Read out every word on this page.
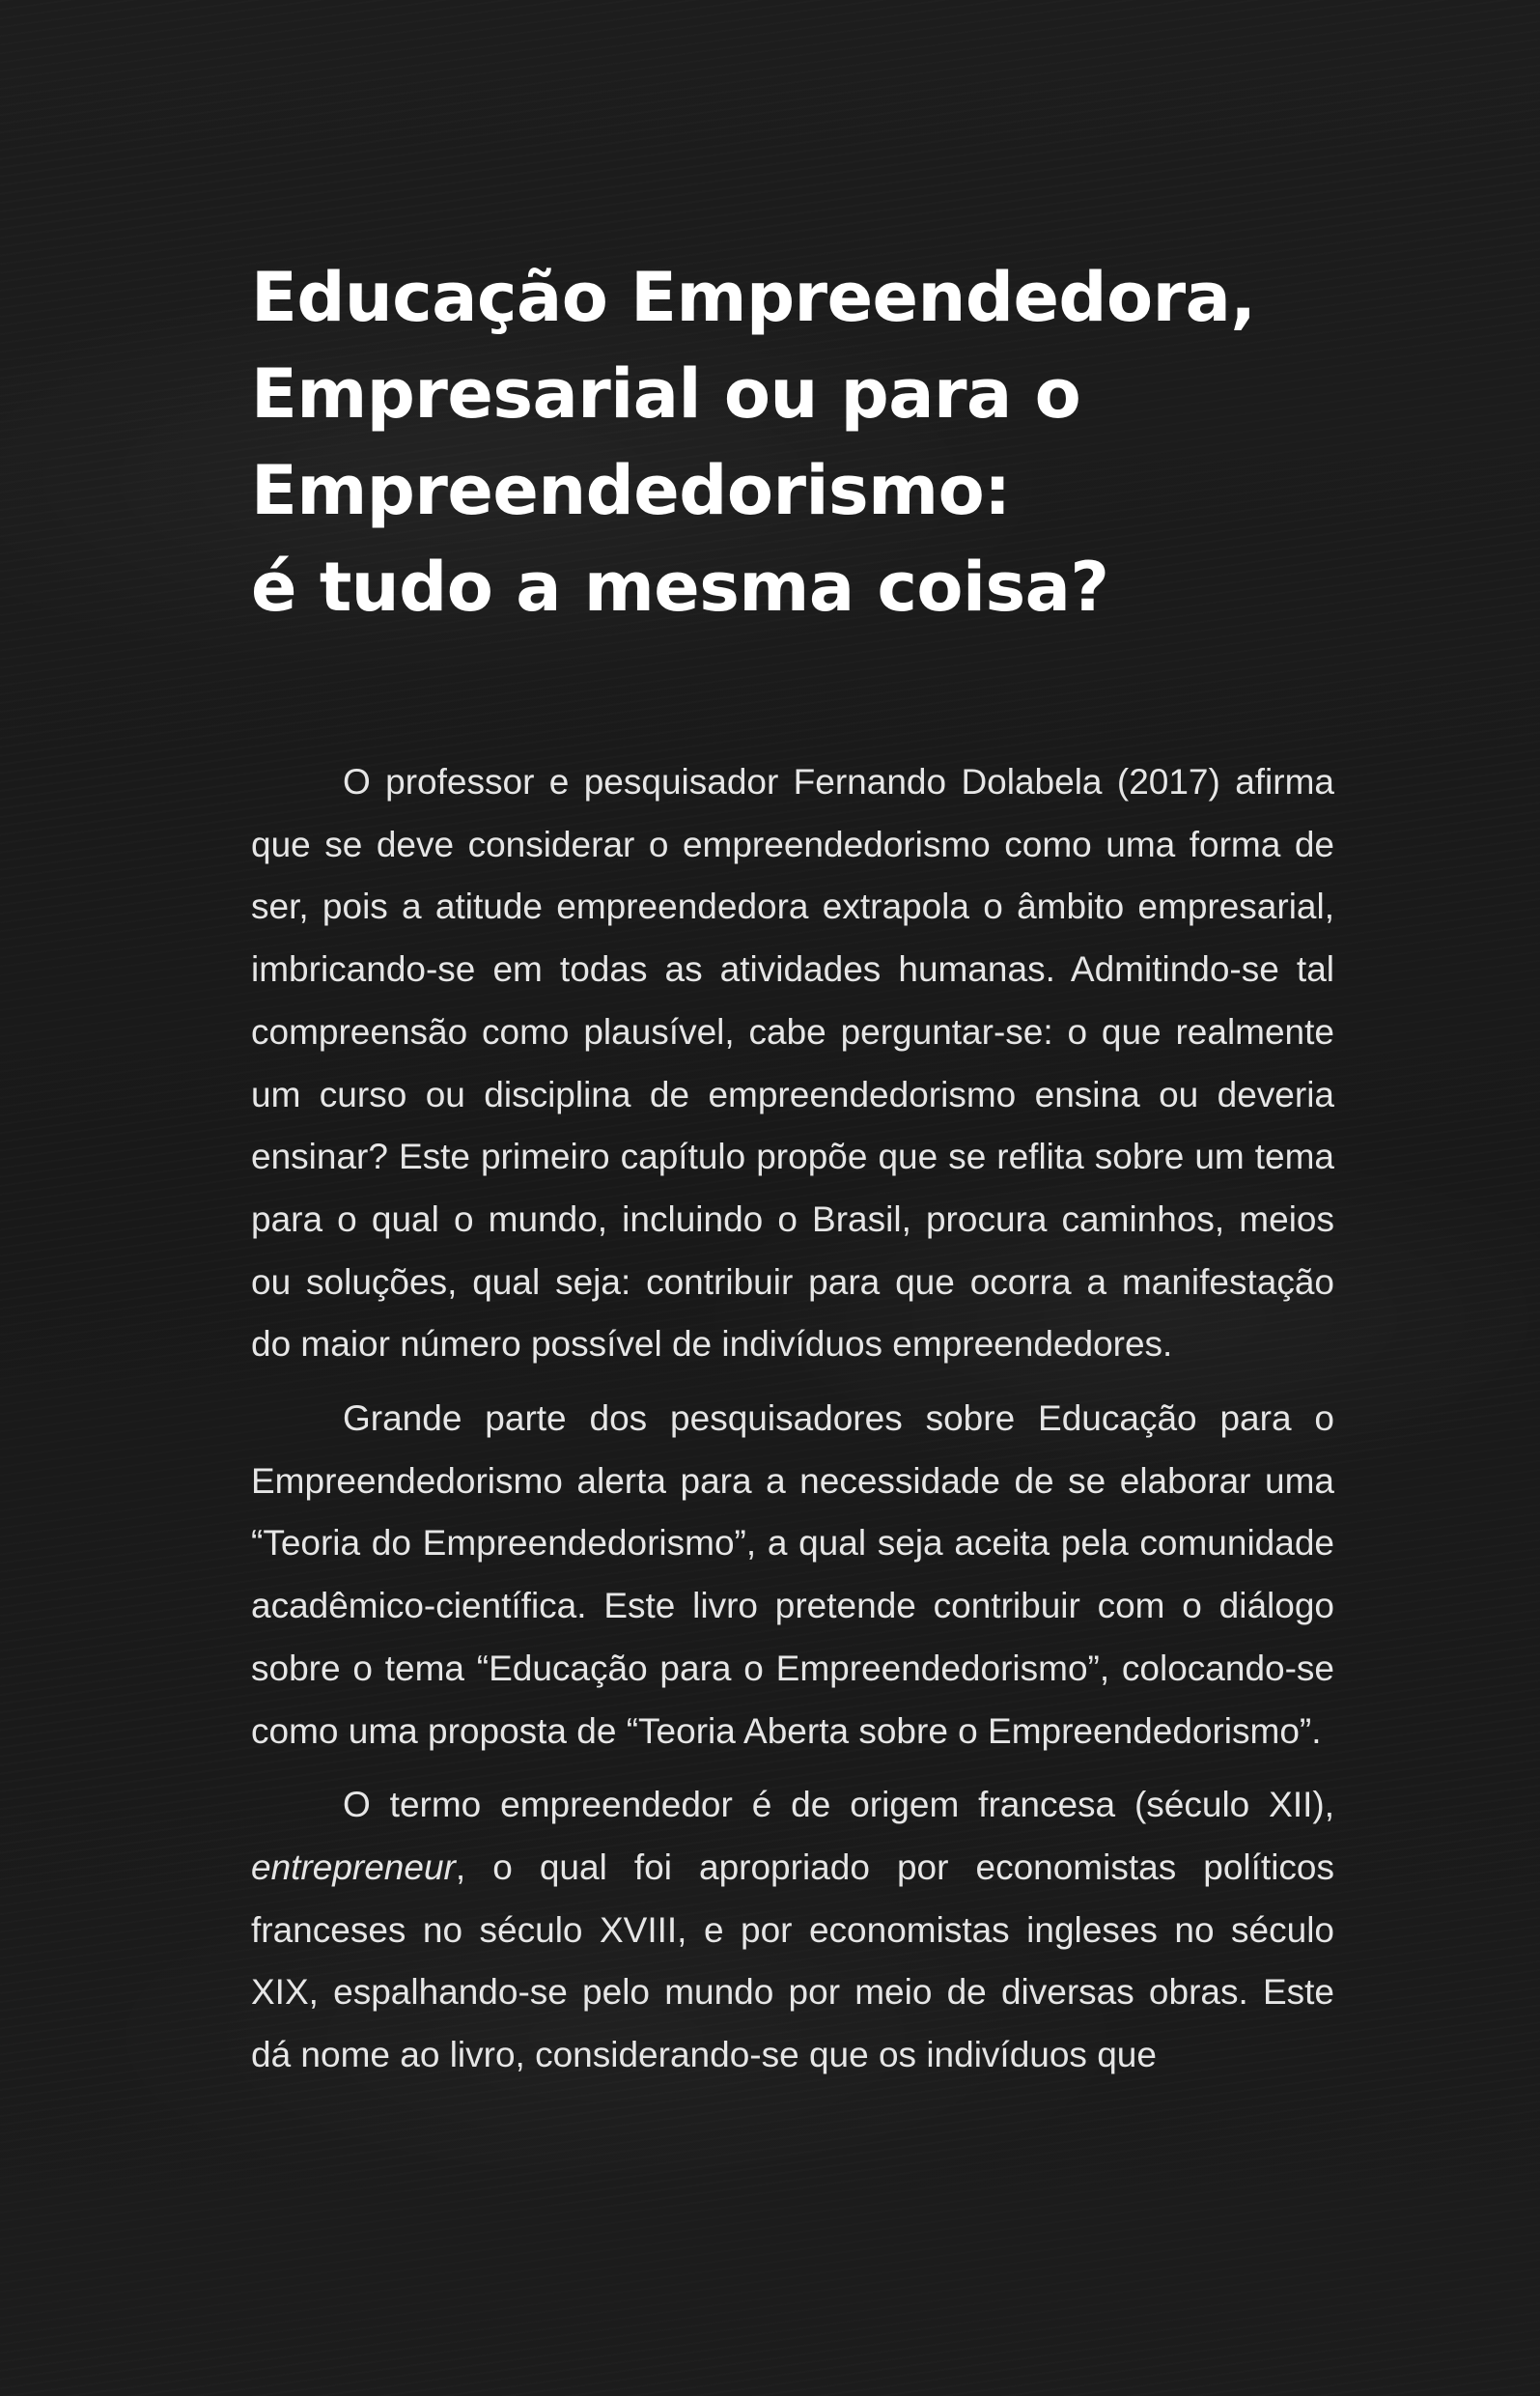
Educação Empreendedora,
Empresarial ou para o
Empreendedorismo:
é tudo a mesma coisa?

O professor e pesquisador Fernando Dolabela (2017) afirma que se deve considerar o empreendedorismo como uma forma de ser, pois a atitude empreendedora extrapola o âmbito empresarial, imbricando-se em todas as atividades humanas. Admitindo-se tal compreensão como plausível, cabe perguntar-se: o que realmente um curso ou disciplina de empreendedorismo ensina ou deveria ensinar? Este primeiro capítulo propõe que se reflita sobre um tema para o qual o mundo, incluindo o Brasil, procura caminhos, meios ou soluções, qual seja: contribuir para que ocorra a manifestação do maior número possível de indivíduos empreendedores.

Grande parte dos pesquisadores sobre Educação para o Empreendedorismo alerta para a necessidade de se elaborar uma “Teoria do Empreendedorismo”, a qual seja aceita pela comunidade acadêmico-científica. Este livro pretende contribuir com o diálogo sobre o tema “Educação para o Empreendedorismo”, colocando-se como uma proposta de “Teoria Aberta sobre o Empreendedorismo”.

O termo empreendedor é de origem francesa (século XII), entrepreneur, o qual foi apropriado por economistas políticos franceses no século XVIII, e por economistas ingleses no século XIX, espalhando-se pelo mundo por meio de diversas obras. Este dá nome ao livro, considerando-se que os indivíduos que
